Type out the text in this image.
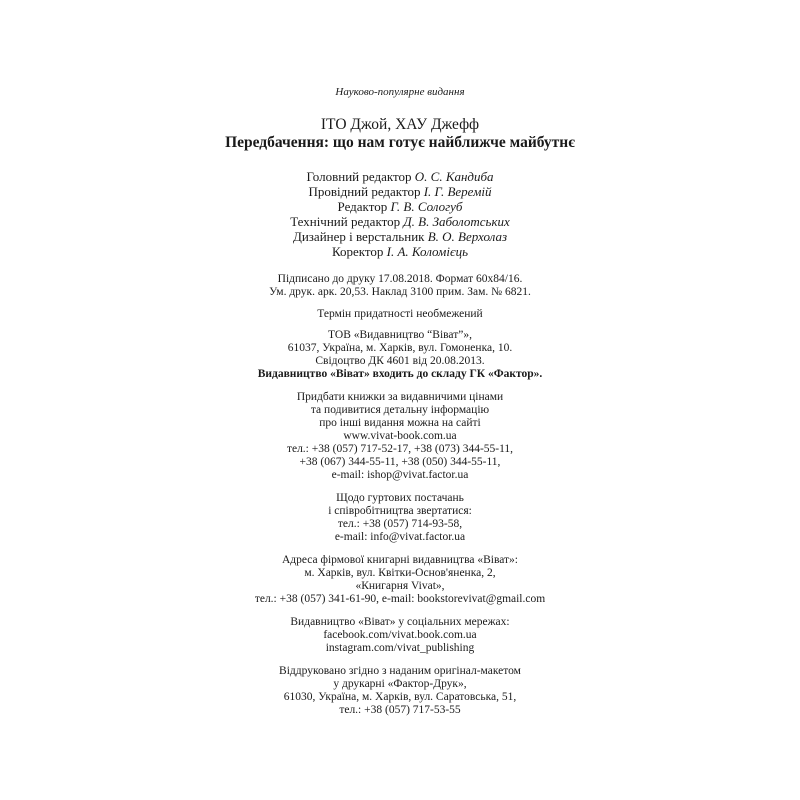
Науково-популярне видання
ІТО Джой, ХАУ Джефф
Передбачення: що нам готує найближче майбутнє
Головний редактор О. С. Кандиба
Провідний редактор І. Г. Веремій
Редактор Г. В. Сологуб
Технічний редактор Д. В. Заболотських
Дизайнер і верстальник В. О. Верхолаз
Коректор І. А. Коломієць
Підписано до друку 17.08.2018. Формат 60х84/16.
Ум. друк. арк. 20,53. Наклад 3100 прим. Зам. № 6821.
Термін придатності необмежений
ТОВ «Видавництво “Віват”»,
61037, Україна, м. Харків, вул. Гомоненка, 10.
Свідоцтво ДК 4601 від 20.08.2013.
Видавництво «Віват» входить до складу ГК «Фактор».
Придбати книжки за видавничими цінами
та подивитися детальну інформацію
про інші видання можна на сайті
www.vivat-book.com.ua
тел.: +38 (057) 717-52-17, +38 (073) 344-55-11,
+38 (067) 344-55-11, +38 (050) 344-55-11,
e-mail: ishop@vivat.factor.ua
Щодо гуртових постачань
і співробітництва звертатися:
тел.: +38 (057) 714-93-58,
e-mail: info@vivat.factor.ua
Адреса фірмової книгарні видавництва «Віват»:
м. Харків, вул. Квітки-Основ'яненка, 2,
«Книгарня Vivat»,
тел.: +38 (057) 341-61-90, e-mail: bookstorevivat@gmail.com
Видавництво «Віват» у соціальних мережах:
facebook.com/vivat.book.com.ua
instagram.com/vivat_publishing
Віддруковано згідно з наданим оригінал-макетом
у друкарні «Фактор-Друк»,
61030, Україна, м. Харків, вул. Саратовська, 51,
тел.: +38 (057) 717-53-55
